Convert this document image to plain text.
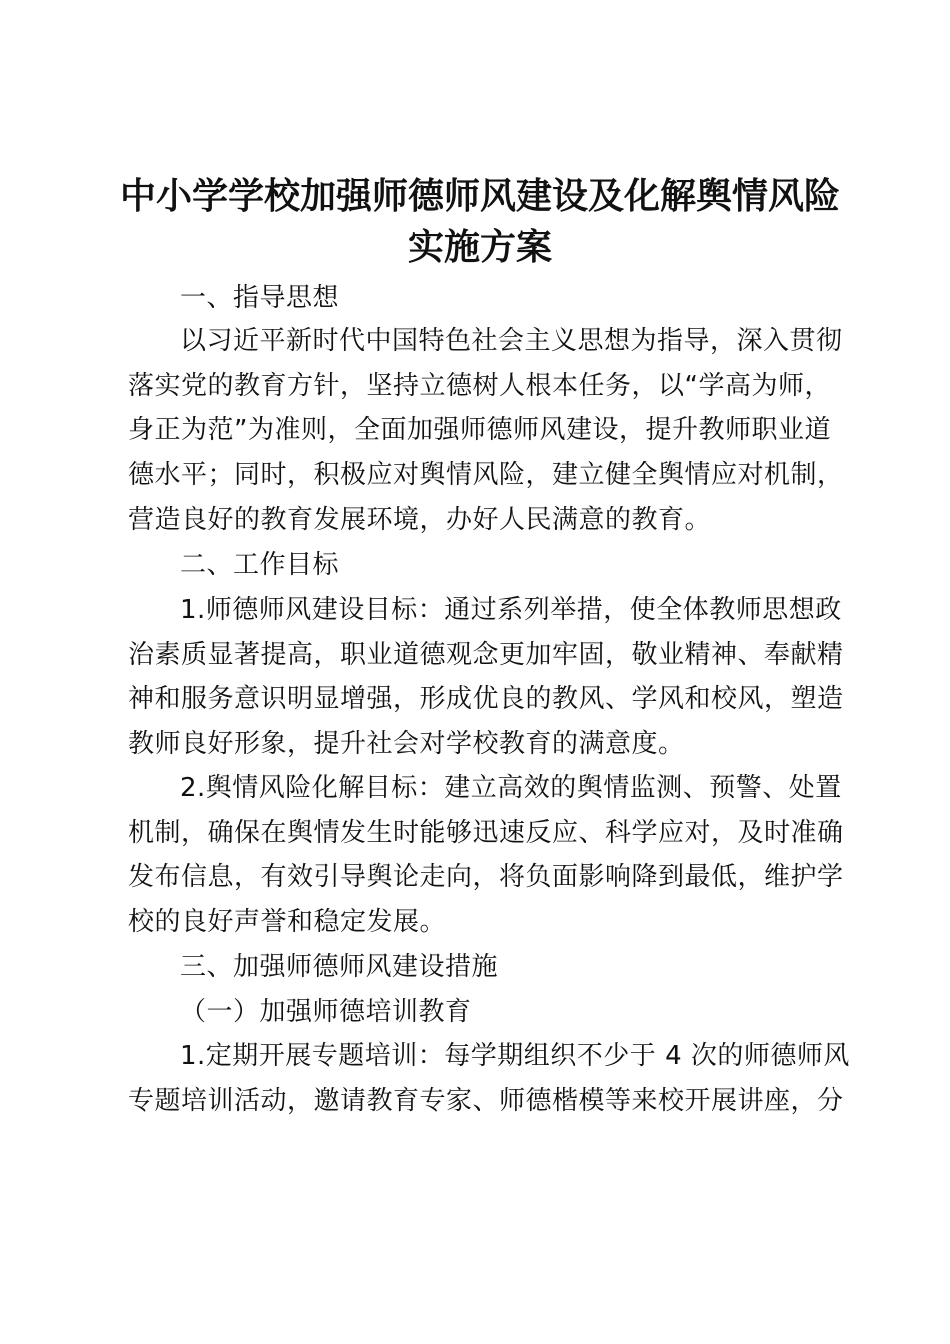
中小学学校加强师德师风建设及化解舆情风险
实施方案
一、指导思想
以习近平新时代中国特色社会主义思想为指导，深入贯彻
落实党的教育方针，坚持立德树人根本任务，以“学高为师，
身正为范”为准则，全面加强师德师风建设，提升教师职业道
德水平；同时，积极应对舆情风险，建立健全舆情应对机制，
营造良好的教育发展环境，办好人民满意的教育。
二、工作目标
1.师德师风建设目标：通过系列举措，使全体教师思想政
治素质显著提高，职业道德观念更加牢固，敬业精神、奉献精
神和服务意识明显增强，形成优良的教风、学风和校风，塑造
教师良好形象，提升社会对学校教育的满意度。
2.舆情风险化解目标：建立高效的舆情监测、预警、处置
机制，确保在舆情发生时能够迅速反应、科学应对，及时准确
发布信息，有效引导舆论走向，将负面影响降到最低，维护学
校的良好声誉和稳定发展。
三、加强师德师风建设措施
（一）加强师德培训教育
1.定期开展专题培训：每学期组织不少于 4 次的师德师风
专题培训活动，邀请教育专家、师德楷模等来校开展讲座，分
